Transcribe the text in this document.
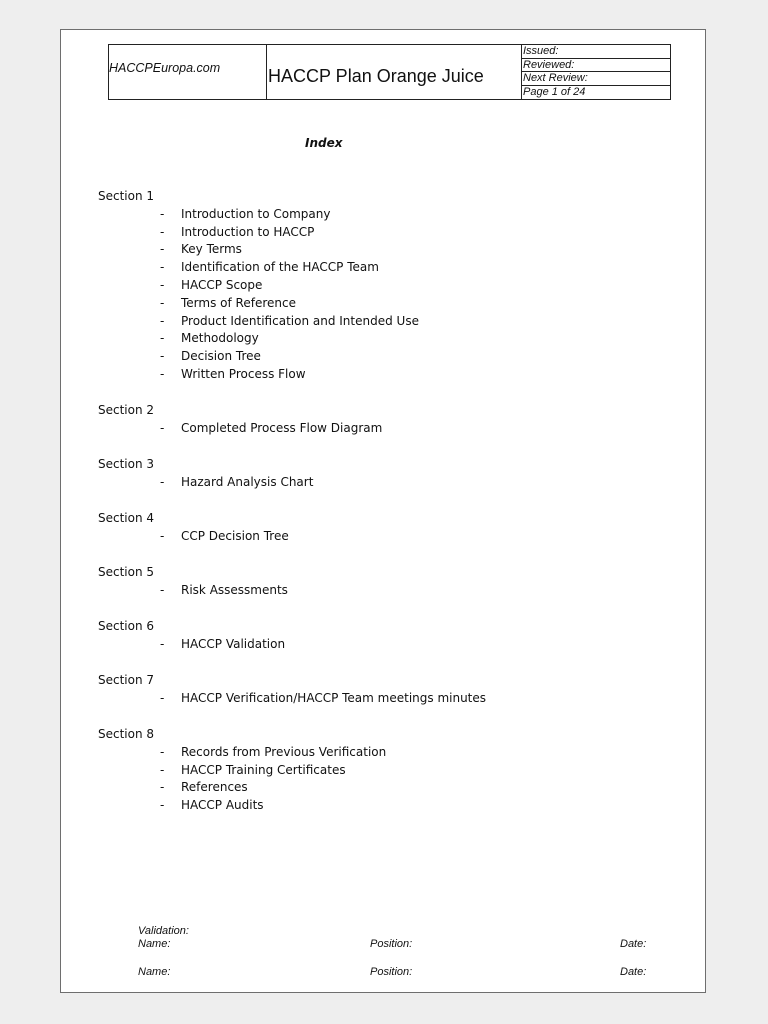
HACCPEuropa.com	HACCP Plan Orange Juice
Issued:
Reviewed:
Next Review:
Page 1 of 24
Index
Section 1
- Introduction to Company
- Introduction to HACCP
- Key Terms
- Identification of the HACCP Team
- HACCP Scope
- Terms of Reference
- Product Identification and Intended Use
- Methodology
- Decision Tree
- Written Process Flow
Section 2
- Completed Process Flow Diagram
Section 3
- Hazard Analysis Chart
Section 4
- CCP Decision Tree
Section 5
- Risk Assessments
Section 6
- HACCP Validation
Section 7
- HACCP Verification/HACCP Team meetings minutes
Section 8
- Records from Previous Verification
- HACCP Training Certificates
- References
- HACCP Audits
Validation:
Name:	Position:	Date:
Name:	Position:	Date:
